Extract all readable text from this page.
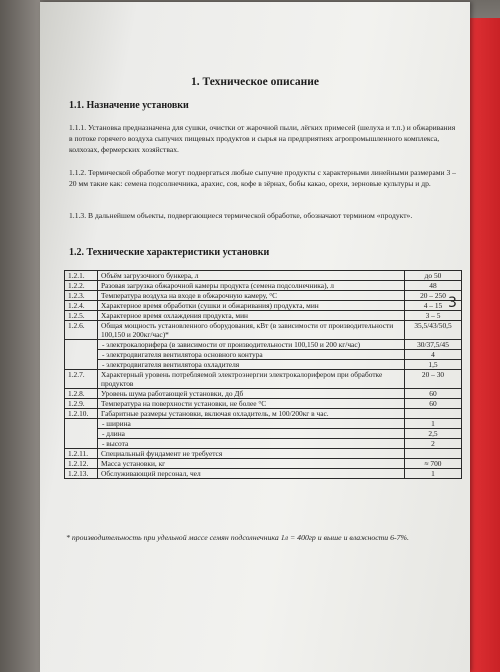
1. Техническое описание
1.1. Назначение установки
1.1.1. Установка предназначена для сушки, очистки от жарочной пыли, лёгких примесей (шелуха и т.п.) и обжаривания в потоке горячего воздуха сыпучих пищевых продуктов и сырья на предприятиях агропромышленного комплекса, колхозах, фермерских хозяйствах.
1.1.2. Термической обработке могут подвергаться любые сыпучие продукты с характерными линейными размерами 3 – 20 мм такие как: семена подсолнечника, арахис, соя, кофе в зёрнах, бобы какао, орехи, зерновые культуры и др.
1.1.3. В дальнейшем объекты, подвергающиеся термической обработке, обозначают термином «продукт».
1.2. Технические характеристики установки
1.2.1.	Объём загрузочного бункера, л	до 50
1.2.2.	Разовая загрузка обжарочной камеры продукта (семена подсолнечника), л	48
1.2.3.	Температура воздуха на входе в обжарочную камеру, °С	20 – 250
1.2.4.	Характерное время обработки (сушки и обжаривания) продукта, мин	4 – 15
1.2.5.	Характерное время охлаждения продукта, мин	3 – 5
1.2.6.	Общая мощность установленного оборудования, кВт (в зависимости от производительности 100,150 и 200кг/час)*	35,5/43/50,5
	- электрокалорифера (в зависимости от производительности 100,150 и 200 кг/час)	30/37,5/45
	- электродвигателя вентилятора основного контура	4
	- электродвигателя вентилятора охладителя	1,5
1.2.7.	Характерный уровень потребляемой электроэнергии электрокалорифером при обработке продуктов	20 – 30
1.2.8.	Уровень шума работающей установки, до Дб	60
1.2.9.	Температура на поверхности установки, не более °С	60
1.2.10.	Габаритные размеры установки, включая охладитель, м 100/200кг в час.	
	- ширина	1
	- длина	2,5
	- высота	2
1.2.11.	Специальный фундамент не требуется	
1.2.12.	Масса установки, кг	≈ 700
1.2.13.	Обслуживающий персонал, чел	1
* производительность при удельной массе семян подсолнечника 1л = 400гр и выше и влажности 6-7%.
3
